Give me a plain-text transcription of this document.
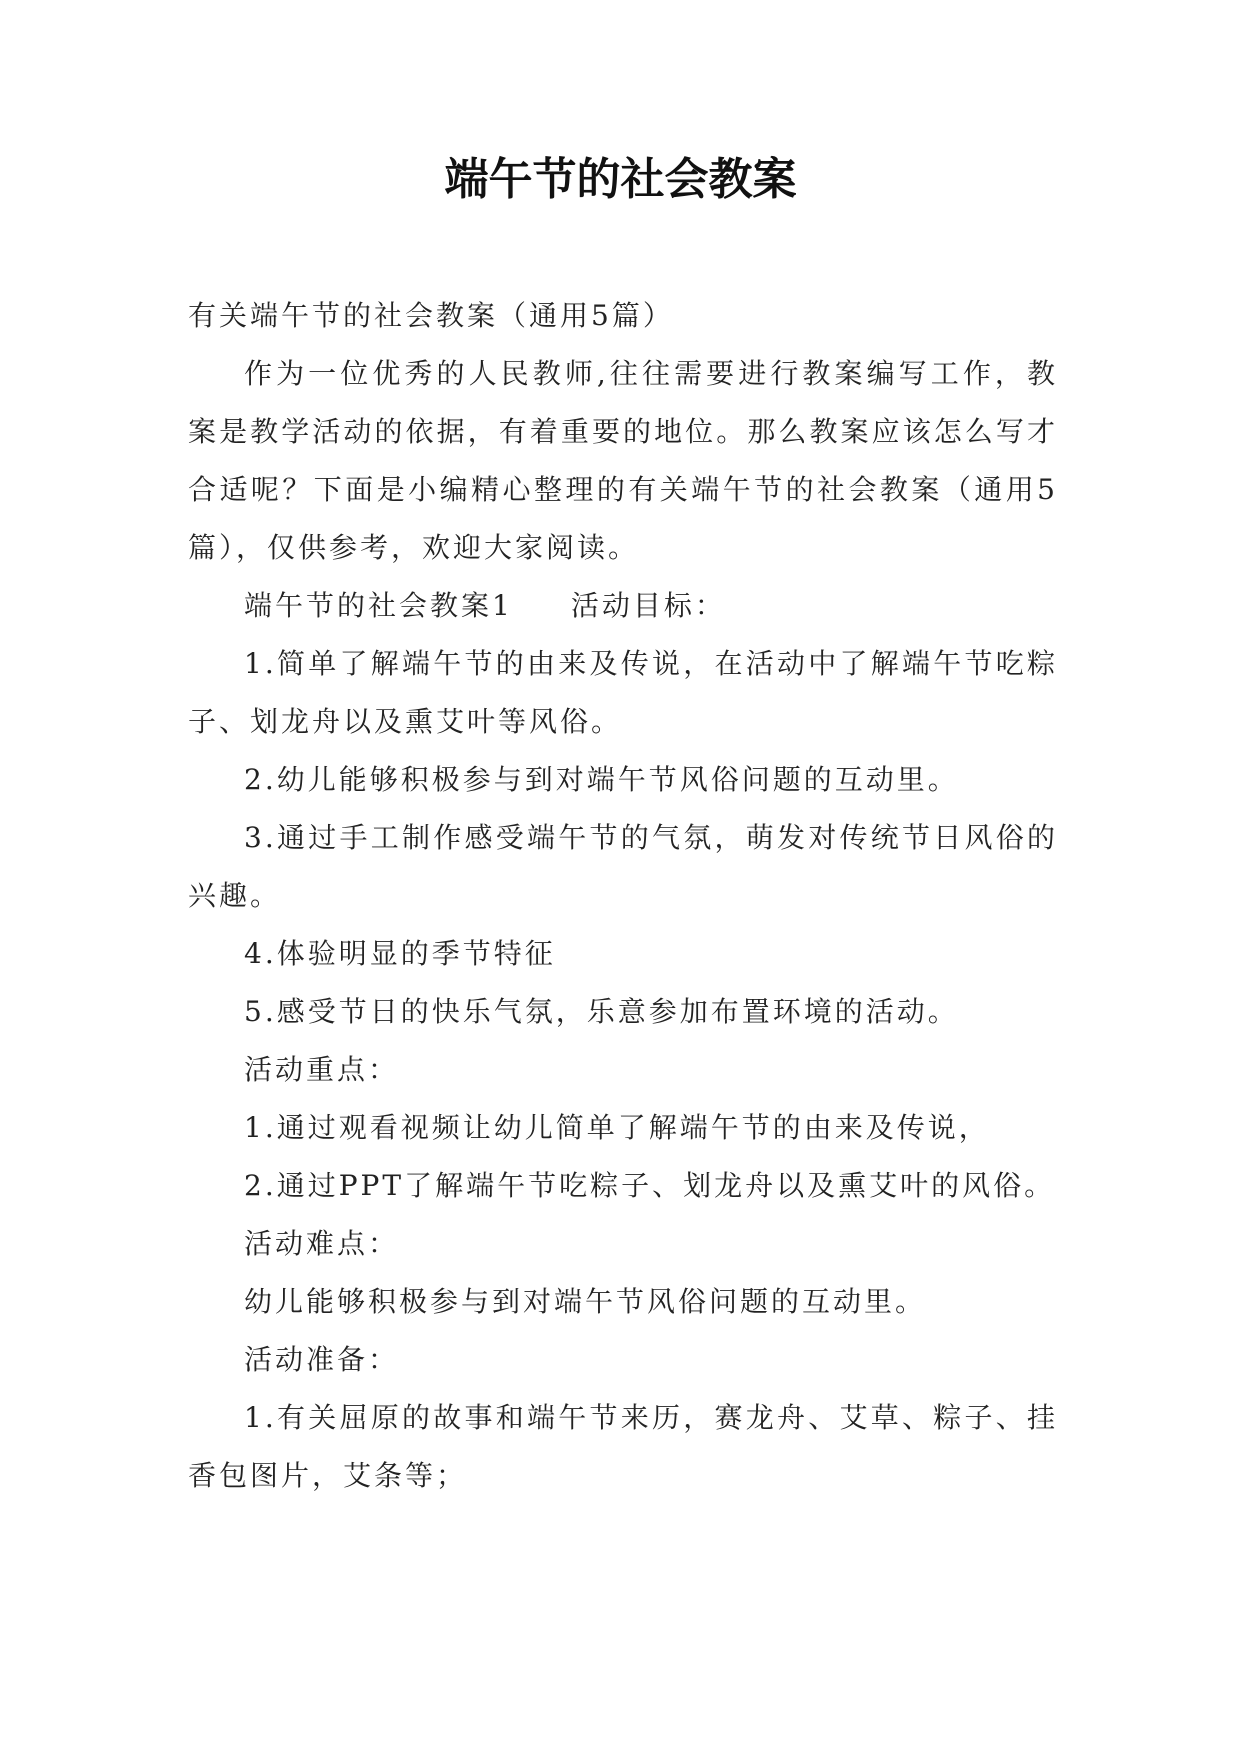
端午节的社会教案

有关端午节的社会教案（通用5篇）

作为一位优秀的人民教师,往往需要进行教案编写工作，教案是教学活动的依据，有着重要的地位。那么教案应该怎么写才合适呢？下面是小编精心整理的有关端午节的社会教案（通用5篇），仅供参考，欢迎大家阅读。

端午节的社会教案1 活动目标：

1.简单了解端午节的由来及传说，在活动中了解端午节吃粽子、划龙舟以及熏艾叶等风俗。

2.幼儿能够积极参与到对端午节风俗问题的互动里。

3.通过手工制作感受端午节的气氛，萌发对传统节日风俗的兴趣。

4.体验明显的季节特征

5.感受节日的快乐气氛，乐意参加布置环境的活动。

活动重点：

1.通过观看视频让幼儿简单了解端午节的由来及传说，

2.通过PPT了解端午节吃粽子、划龙舟以及熏艾叶的风俗。

活动难点：

幼儿能够积极参与到对端午节风俗问题的互动里。

活动准备：

1.有关屈原的故事和端午节来历，赛龙舟、艾草、粽子、挂香包图片，艾条等；
